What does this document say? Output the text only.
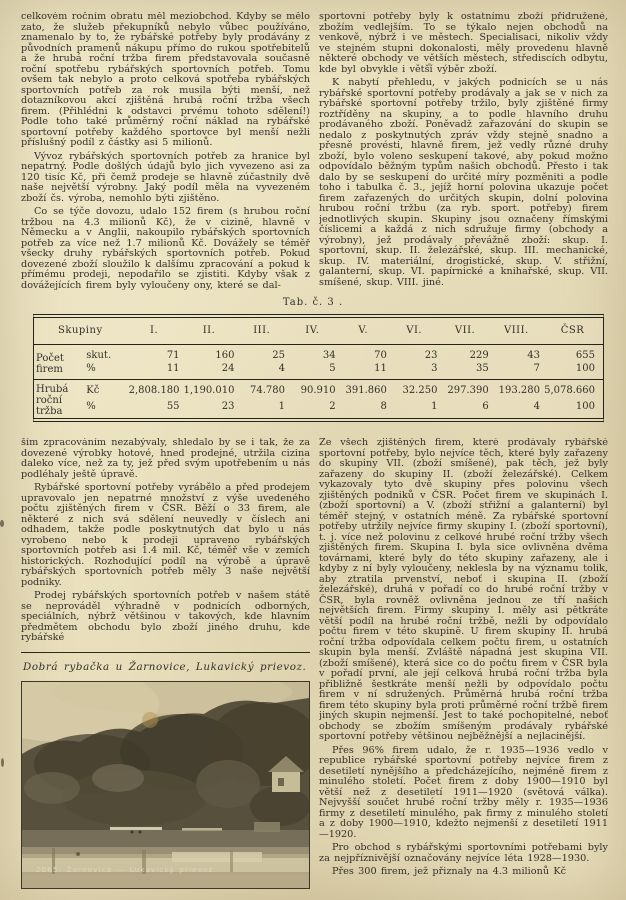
celkovém ročním obratu měl meziobchod. Kdyby se mělo zato, že služeb překupníků nebylo vůbec používáno, znamenalo by to, že rybářské potřeby byly prodávány z původních pramenů nákupu přímo do rukou spotřebitelů a že hrubá roční tržba firem představovala současně roční spotřebu rybářských sportovních potřeb. Tomu ovšem tak nebylo a proto celková spotřeba rybářských sportovních potřeb za rok musila býti menší, než dotazníkovou akcí zjištěná hrubá roční tržba všech firem. (Přihlédni k odstavci prvému tohoto sdělení!) Podle toho také průměrný roční náklad na rybářské sportovní potřeby každého sportovce byl menší nežli příslušný podíl z částky asi 5 milionů.

Vývoz rybářských sportovních potřeb za hranice byl nepatrný. Podle došlých údajů bylo jich vyvezeno asi za 120 tisíc Kč, při čemž prodeje se hlavně zúčastnily dvě naše největší výrobny. Jaký podíl měla na vyvezeném zboží čs. výroba, nemohlo býti zjištěno.

Co se týče dovozu, udalo 152 firem (s hrubou roční tržbou na 4.3 milionů Kč), že v cizině, hlavně v Německu a v Anglii, nakoupilo rybářských sportovních potřeb za více než 1.7 milionů Kč. Dovážely se téměř všecky druhy rybářských sportovních potřeb. Pokud dovezené zboží sloužilo k dalšímu zpracování a pokud k přímému prodeji, nepodařilo se zjistiti. Kdyby však z dovážejících firem byly vyloučeny ony, které se dal-

sportovní potřeby byly k ostatnímu zboží přidružené, zbožím vedlejším. To se týkalo nejen obchodů na venkově, nýbrž i ve městech. Specialisaci, nikoliv vždy ve stejném stupni dokonalosti, měly provedenu hlavně některé obchody ve větších městech, střediscích odbytu, kde byl obvykle i větší výběr zboží.

K nabytí přehledu, v jakých podnicích se u nás rybářské sportovní potřeby prodávaly a jak se v nich za rybářské sportovní potřeby tržilo, byly zjištěné firmy roztříděny na skupiny, a to podle hlavního druhu prodávaného zboží. Poněvadž zařazování do skupin se nedalo z poskytnutých zpráv vždy stejně snadno a přesně provésti, hlavně firem, jež vedly různé druhy zboží, bylo voleno seskupení takové, aby pokud možno odpovídalo běžným typům našich obchodů. Přesto i tak dalo by se seskupení do určité míry pozměniti a podle toho i tabulka č. 3., jejíž horní polovina ukazuje počet firem zařazených do určitých skupin, dolní polovina hrubou roční tržbu (za ryb. sport. potřeby) firem jednotlivých skupin. Skupiny jsou označeny římskými číslicemi a každá z nich sdružuje firmy (obchody a výrobny), jež prodávaly převážně zboží: skup. I. sportovní, skup. II. železářské, skup. III. mechanické, skup. IV. materiální, drogistické, skup. V. střižní, galanterní, skup. VI. papírnické a knihařské, skup. VII. smíšené, skup. VIII. jiné.

Tab. č. 3 .
Skupiny		I.	II.	III.	IV.	V.	VI.	VII.	VIII.	ČSR
Počet firem	skut.	71	160	25	34	70	23	229	43	655
	%	11	24	4	5	11	3	35	7	100
Hrubá roční tržba	Kč	2,808.180	1,190.010	74.780	90.910	391.860	32.250	297.390	193.280	5,078.660
	%	55	23	1	2	8	1	6	4	100

ším zpracováním nezabývaly, shledalo by se i tak, že za dovezené výrobky hotové, hned prodejné, utržila cizina daleko více, než za ty, jež před svým upotřebením u nás podléhaly ještě úpravě.

Rybářské sportovní potřeby vyrábělo a před prodejem upravovalo jen nepatrné množství z výše uvedeného počtu zjištěných firem v ČSR. Běží o 33 firem, ale některé z nich svá sdělení neuvedly v číslech ani odhadem, takže podle poskytnutých dat bylo u nás vyrobeno nebo k prodeji upraveno rybářských sportovních potřeb asi 1.4 mil. Kč, téměř vše v zemích historických. Rozhodující podíl na výrobě a úpravě rybářských sportovních potřeb měly 3 naše největší podniky.

Prodej rybářských sportovních potřeb v našem státě se neprováděl výhradně v podnicích odborných, speciálních, nýbrž většinou v takových, kde hlavním předmětem obchodu bylo zboží jiného druhu, kde rybářské

Dobrá rybačka u Žarnovice, Lukavický prievoz.

2065. Žarnovica — Lukavický prievoz

Ze všech zjištěných firem, které prodávaly rybářské sportovní potřeby, bylo nejvíce těch, které byly zařazeny do skupiny VII. (zboží smíšené), pak těch, jež byly zařazeny do skupiny II. (zboží železářské). Celkem vykazovaly tyto dvě skupiny přes polovinu všech zjištěných podniků v ČSR. Počet firem ve skupinách I. (zboží sportovní) a V. (zboží střižní a galanterní) byl téměř stejný, v ostatních méně. Za rybářské sportovní potřeby utržily nejvíce firmy skupiny I. (zboží sportovní), t. j. více než polovinu z celkové hrubé roční tržby všech zjištěných firem. Skupina I. byla sice ovlivněna dvěma továrnami, které byly do této skupiny zařazeny, ale i kdyby z ní byly vyloučeny, neklesla by na významu tolik, aby ztratila prvenství, neboť i skupina II. (zboží železářské), druhá v pořadí co do hrubé roční tržby v ČSR, byla rovněž ovlivněna jednou ze tří našich největších firem. Firmy skupiny I. měly asi pětkráte větší podíl na hrubé roční tržbě, nežli by odpovídalo počtu firem v této skupině. U firem skupiny II. hrubá roční tržba odpovídala celkem počtu firem, u ostatních skupin byla menší. Zvláště nápadná jest skupina VII. (zboží smíšené), která sice co do počtu firem v ČSR byla v pořadí první, ale její celková hrubá roční tržba byla přibližně šestkráte menší nežli by odpovídalo počtu firem v ní sdružených. Průměrná hrubá roční tržba firem této skupiny byla proti průměrné roční tržbě firem jiných skupin nejmenší. Jest to také pochopitelné, neboť obchody se zbožím smíšeným prodávaly rybářské sportovní potřeby většinou nejběžnější a nejlacinější.

Přes 96% firem udalo, že r. 1935—1936 vedlo v republice rybářské sportovní potřeby nejvíce firem z desetiletí nynějšího a předcházejícího, nejméně firem z minulého století. Počet firem z doby 1900—1910 byl větší než z desetiletí 1911—1920 (světová válka). Nejvyšší součet hrubé roční tržby měly r. 1935—1936 firmy z desetiletí minulého, pak firmy z minulého století a z doby 1900—1910, kdežto nejmenší z desetiletí 1911—1920.

Pro obchod s rybářskými sportovními potřebami byly za nejpříznivější označovány nejvíce léta 1928—1930.

Přes 300 firem, jež přiznaly na 4.3 milionů Kč
